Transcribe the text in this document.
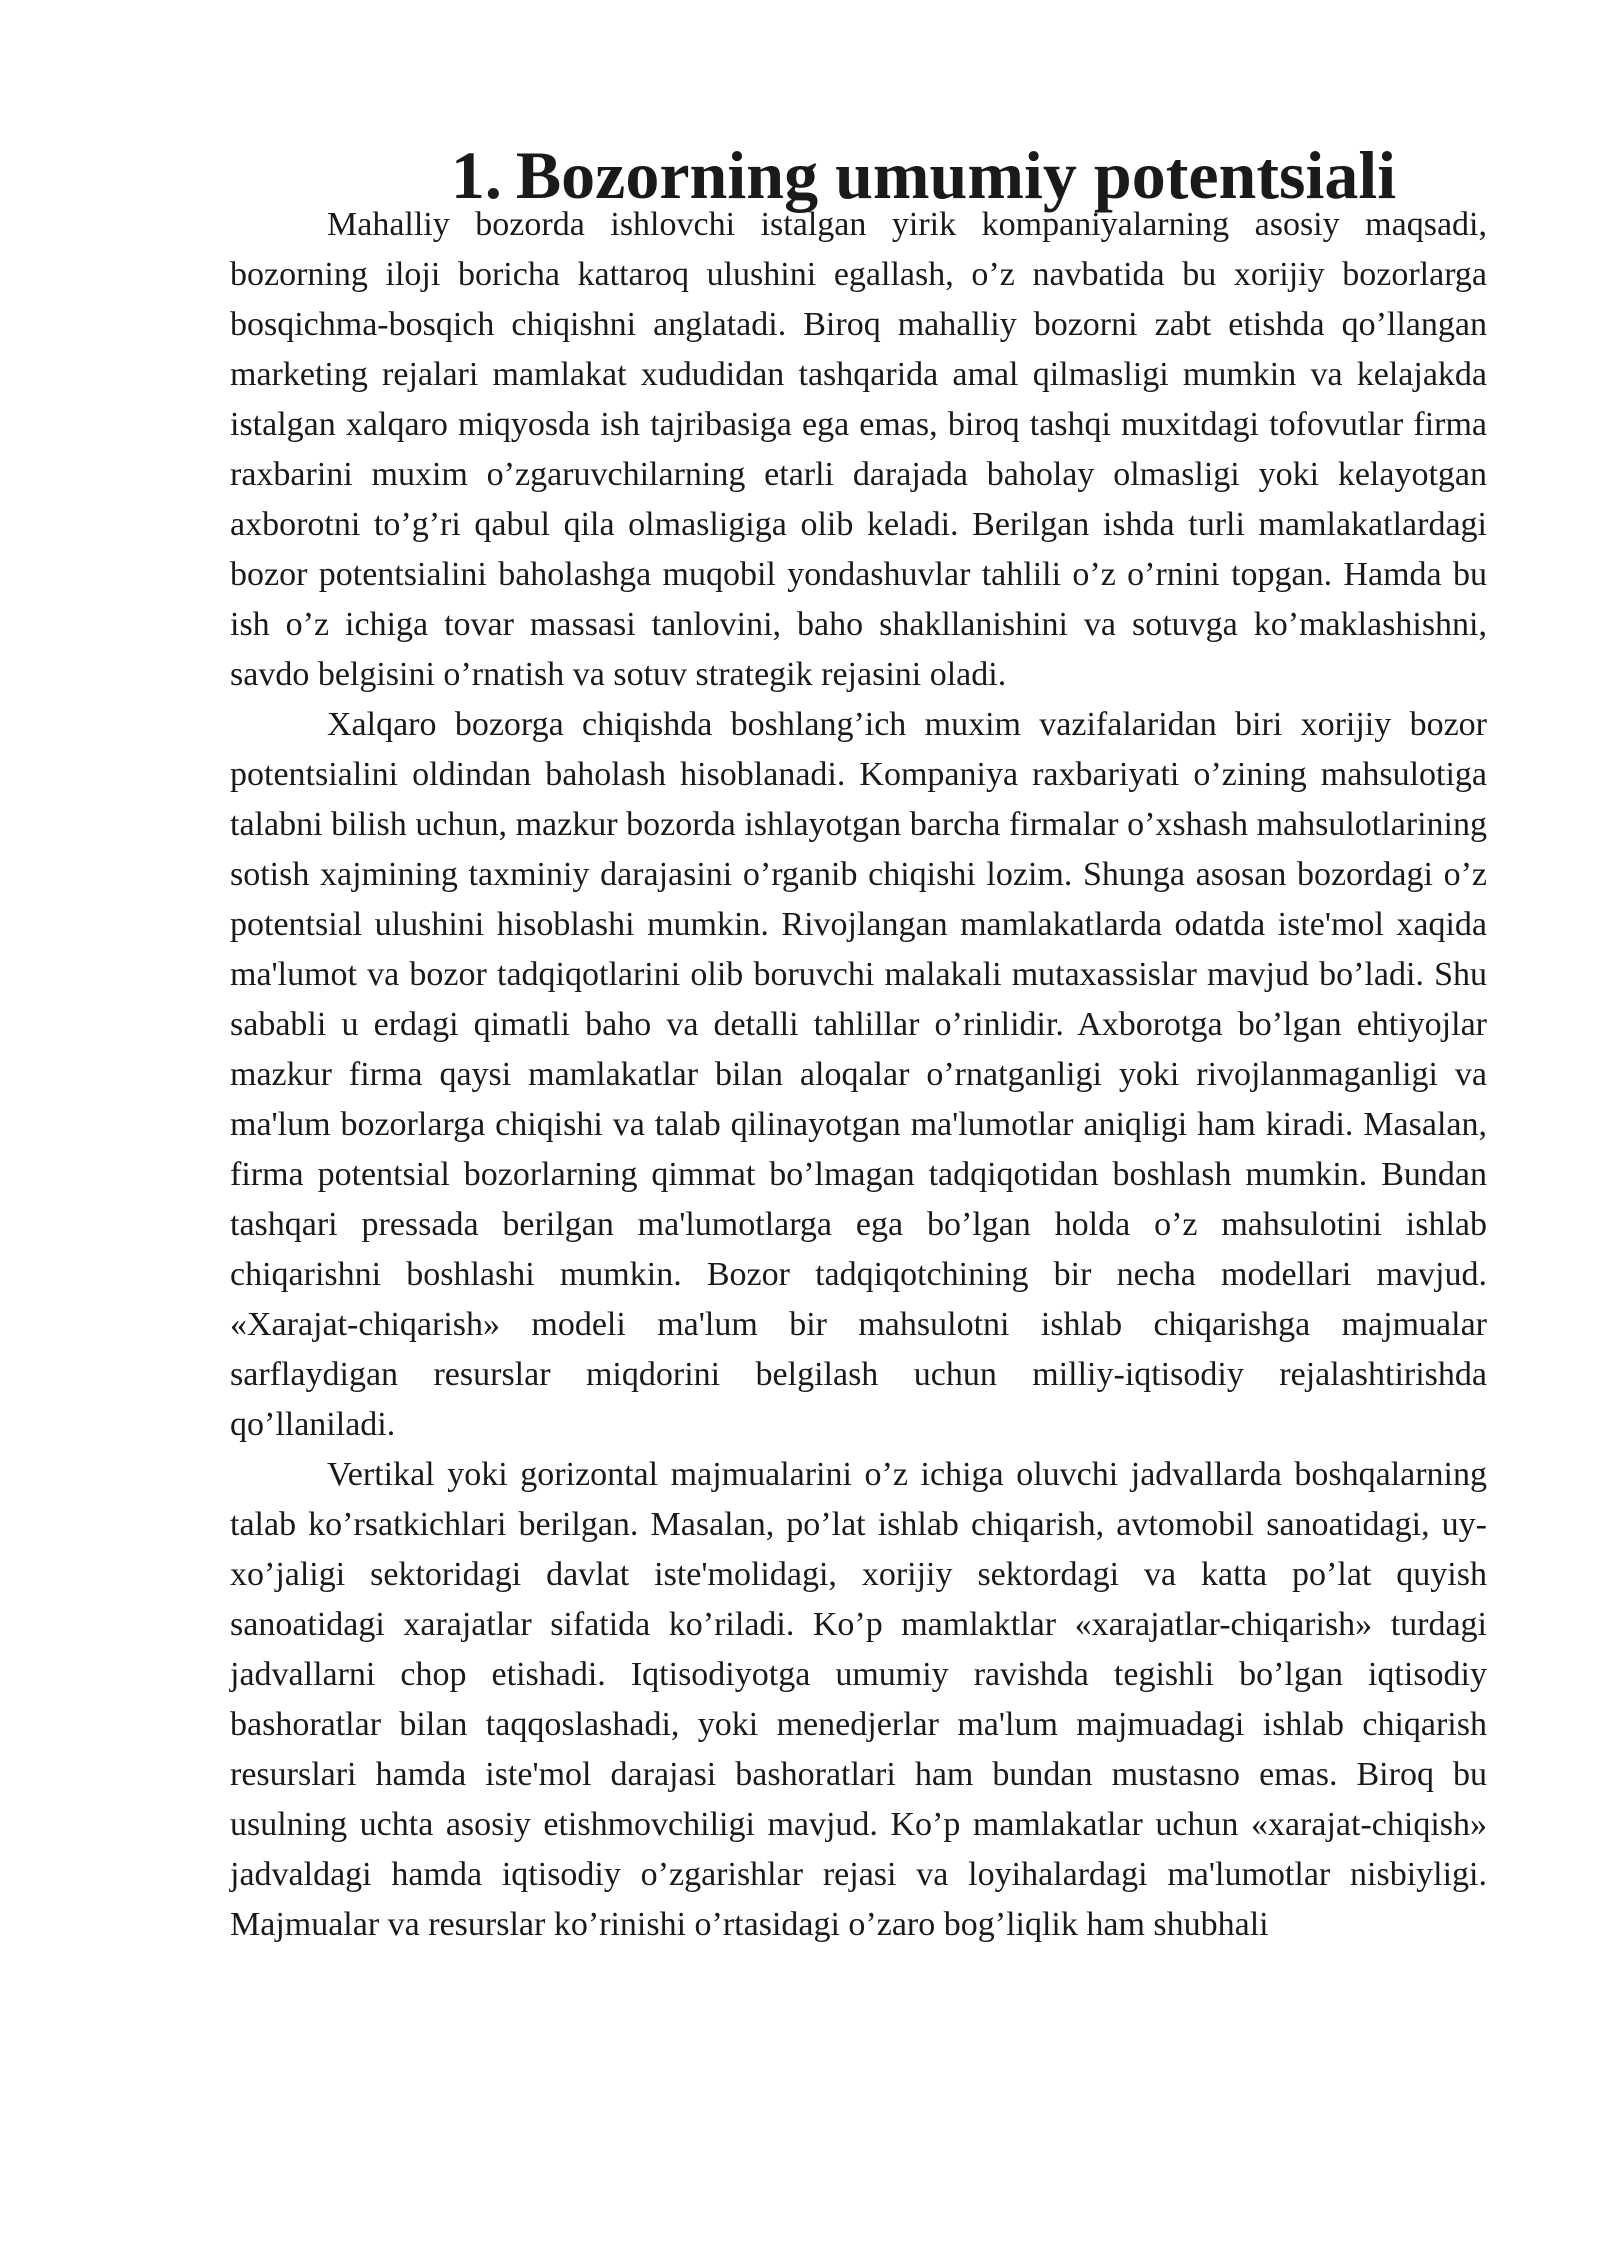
1. Bozorning umumiy potentsiali

Mahalliy bozorda ishlovchi istalgan yirik kompaniyalarning asosiy maqsadi, bozorning iloji boricha kattaroq ulushini egallash, o’z navbatida bu xorijiy bozorlarga bosqichma-bosqich chiqishni anglatadi. Biroq mahalliy bozorni zabt etishda qo’llangan marketing rejalari mamlakat xududidan tashqarida amal qilmasligi mumkin va kelajakda istalgan xalqaro miqyosda ish tajribasiga ega emas, biroq tashqi muxitdagi tofovutlar firma raxbarini muxim o’zgaruvchilarning etarli darajada baholay olmasligi yoki kelayotgan axborotni to’g’ri qabul qila olmasligiga olib keladi. Berilgan ishda turli mamlakatlardagi bozor potentsialini baholashga muqobil yondashuvlar tahlili o’z o’rnini topgan. Hamda bu ish o’z ichiga tovar massasi tanlovini, baho shakllanishini va sotuvga ko’maklashishni, savdo belgisini o’rnatish va sotuv strategik rejasini oladi.

Xalqaro bozorga chiqishda boshlang’ich muxim vazifalaridan biri xorijiy bozor potentsialini oldindan baholash hisoblanadi. Kompaniya raxbariyati o’zining mahsulotiga talabni bilish uchun, mazkur bozorda ishlayotgan barcha firmalar o’xshash mahsulotlarining sotish xajmining taxminiy darajasini o’rganib chiqishi lozim. Shunga asosan bozordagi o’z potentsial ulushini hisoblashi mumkin. Rivojlangan mamlakatlarda odatda iste'mol xaqida ma'lumot va bozor tadqiqotlarini olib boruvchi malakali mutaxassislar mavjud bo’ladi. Shu sababli u erdagi qimatli baho va detalli tahlillar o’rinlidir. Axborotga bo’lgan ehtiyojlar mazkur firma qaysi mamlakatlar bilan aloqalar o’rnatganligi yoki rivojlanmaganligi va ma'lum bozorlarga chiqishi va talab qilinayotgan ma'lumotlar aniqligi ham kiradi. Masalan, firma potentsial bozorlarning qimmat bo’lmagan tadqiqotidan boshlash mumkin. Bundan tashqari pressada berilgan ma'lumotlarga ega bo’lgan holda o’z mahsulotini ishlab chiqarishni boshlashi mumkin. Bozor tadqiqotchining bir necha modellari mavjud. «Xarajat-chiqarish» modeli ma'lum bir mahsulotni ishlab chiqarishga majmualar sarflaydigan resurslar miqdorini belgilash uchun milliy-iqtisodiy rejalashtirishda qo’llaniladi.

Vertikal yoki gorizontal majmualarini o’z ichiga oluvchi jadvallarda boshqalarning talab ko’rsatkichlari berilgan. Masalan, po’lat ishlab chiqarish, avtomobil sanoatidagi, uy-xo’jaligi sektoridagi davlat iste'molidagi, xorijiy sektordagi va katta po’lat quyish sanoatidagi xarajatlar sifatida ko’riladi. Ko’p mamlaktlar «xarajatlar-chiqarish» turdagi jadvallarni chop etishadi. Iqtisodiyotga umumiy ravishda tegishli bo’lgan iqtisodiy bashoratlar bilan taqqoslashadi, yoki menedjerlar ma'lum majmuadagi ishlab chiqarish resurslari hamda iste'mol darajasi bashoratlari ham bundan mustasno emas. Biroq bu usulning uchta asosiy etishmovchiligi mavjud. Ko’p mamlakatlar uchun «xarajat-chiqish» jadvaldagi hamda iqtisodiy o’zgarishlar rejasi va loyihalardagi ma'lumotlar nisbiyligi. Majmualar va resurslar ko’rinishi o’rtasidagi o’zaro bog’liqlik ham shubhali
